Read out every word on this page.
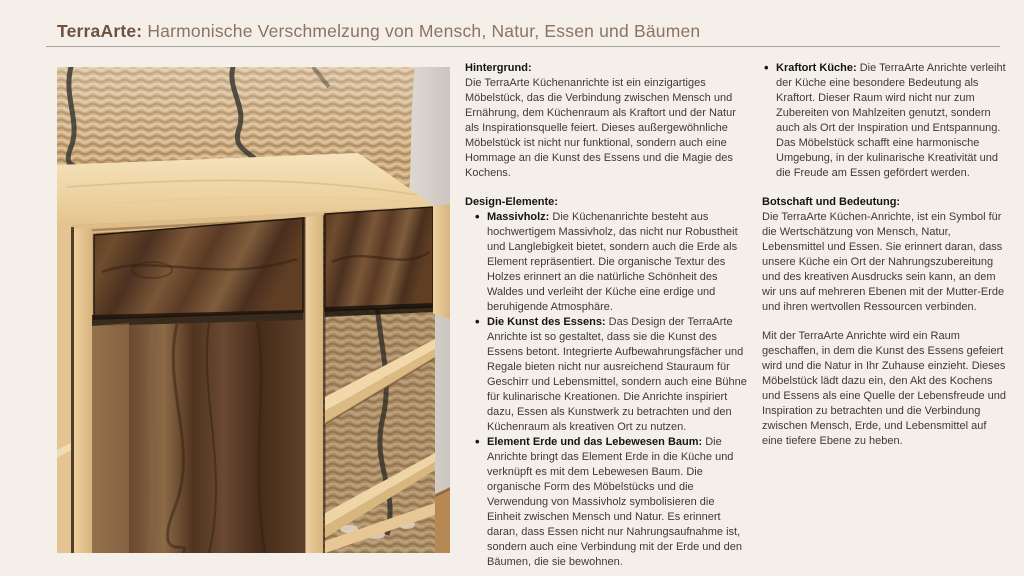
TerraArte: Harmonische Verschmelzung von Mensch, Natur, Essen und Bäumen
Hintergrund:

Die TerraArte Küchenanrichte ist ein einzigartiges Möbelstück, das die Verbindung zwischen Mensch und Ernährung, dem Küchenraum als Kraftort und der Natur als Inspirationsquelle feiert. Dieses außergewöhnliche Möbelstück ist nicht nur funktional, sondern auch eine Hommage an die Kunst des Essens und die Magie des Kochens.

Design-Elemente:
• Massivholz: Die Küchenanrichte besteht aus hochwertigem Massivholz, das nicht nur Robustheit und Langlebigkeit bietet, sondern auch die Erde als Element repräsentiert. Die organische Textur des Holzes erinnert an die natürliche Schönheit des Waldes und verleiht der Küche eine erdige und beruhigende Atmosphäre.
• Die Kunst des Essens: Das Design der TerraArte Anrichte ist so gestaltet, dass sie die Kunst des Essens betont. Integrierte Aufbewahrungsfächer und Regale bieten nicht nur ausreichend Stauraum für Geschirr und Lebensmittel, sondern auch eine Bühne für kulinarische Kreationen. Die Anrichte inspiriert dazu, Essen als Kunstwerk zu betrachten und den Küchenraum als kreativen Ort zu nutzen.
• Element Erde und das Lebewesen Baum: Die Anrichte bringt das Element Erde in die Küche und verknüpft es mit dem Lebewesen Baum. Die organische Form des Möbelstücks und die Verwendung von Massivholz symbolisieren die Einheit zwischen Mensch und Natur. Es erinnert daran, dass Essen nicht nur Nahrungsaufnahme ist, sondern auch eine Verbindung mit der Erde und den Bäumen, die sie bewohnen.
• Kraftort Küche: Die TerraArte Anrichte verleiht der Küche eine besondere Bedeutung als Kraftort. Dieser Raum wird nicht nur zum Zubereiten von Mahlzeiten genutzt, sondern auch als Ort der Inspiration und Entspannung. Das Möbelstück schafft eine harmonische Umgebung, in der kulinarische Kreativität und die Freude am Essen gefördert werden.
Botschaft und Bedeutung:

Die TerraArte Küchen-Anrichte, ist ein Symbol für die Wertschätzung von Mensch, Natur, Lebensmittel und Essen. Sie erinnert daran, dass unsere Küche ein Ort der Nahrungszubereitung und des kreativen Ausdrucks sein kann, an dem wir uns auf mehreren Ebenen mit der Mutter-Erde und ihren wertvollen Ressourcen verbinden.

Mit der TerraArte Anrichte wird ein Raum geschaffen, in dem die Kunst des Essens gefeiert wird und die Natur in Ihr Zuhause einzieht. Dieses Möbelstück lädt dazu ein, den Akt des Kochens und Essens als eine Quelle der Lebensfreude und Inspiration zu betrachten und die Verbindung zwischen Mensch, Erde, und Lebensmittel auf eine tiefere Ebene zu heben.
